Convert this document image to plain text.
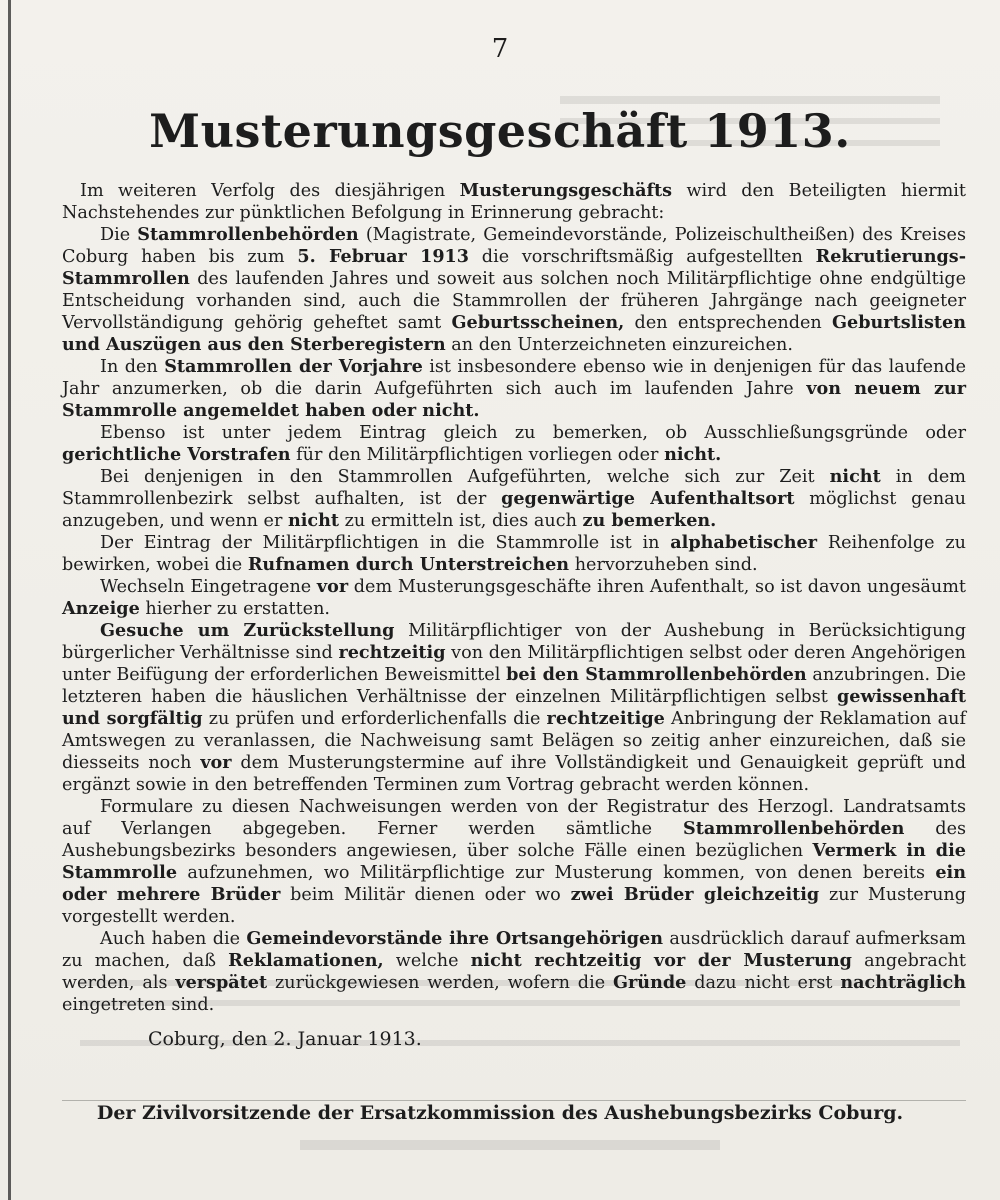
7
Musterungsgeschäft 1913.

Im weiteren Verfolg des diesjährigen Musterungsgeschäfts wird den Beteiligten hiermit Nachstehendes zur pünktlichen Befolgung in Erinnerung gebracht:

Die Stammrollenbehörden (Magistrate, Gemeindevorstände, Polizeischultheißen) des Kreises Coburg haben bis zum 5. Februar 1913 die vorschriftsmäßig aufgestellten Rekrutierungs-Stammrollen des laufenden Jahres und soweit aus solchen noch Militärpflichtige ohne endgültige Entscheidung vorhanden sind, auch die Stammrollen der früheren Jahrgänge nach geeigneter Vervollständigung gehörig geheftet samt Geburtsscheinen, den entsprechenden Geburtslisten und Auszügen aus den Sterberegistern an den Unterzeichneten einzureichen.

In den Stammrollen der Vorjahre ist insbesondere ebenso wie in denjenigen für das laufende Jahr anzumerken, ob die darin Aufgeführten sich auch im laufenden Jahre von neuem zur Stammrolle angemeldet haben oder nicht.

Ebenso ist unter jedem Eintrag gleich zu bemerken, ob Ausschließungsgründe oder gerichtliche Vorstrafen für den Militärpflichtigen vorliegen oder nicht.

Bei denjenigen in den Stammrollen Aufgeführten, welche sich zur Zeit nicht in dem Stammrollenbezirk selbst aufhalten, ist der gegenwärtige Aufenthaltsort möglichst genau anzugeben, und wenn er nicht zu ermitteln ist, dies auch zu bemerken.

Der Eintrag der Militärpflichtigen in die Stammrolle ist in alphabetischer Reihenfolge zu bewirken, wobei die Rufnamen durch Unterstreichen hervorzuheben sind.

Wechseln Eingetragene vor dem Musterungsgeschäfte ihren Aufenthalt, so ist davon ungesäumt Anzeige hierher zu erstatten.

Gesuche um Zurückstellung Militärpflichtiger von der Aushebung in Berücksichtigung bürgerlicher Verhältnisse sind rechtzeitig von den Militärpflichtigen selbst oder deren Angehörigen unter Beifügung der erforderlichen Beweismittel bei den Stammrollenbehörden anzubringen. Die letzteren haben die häuslichen Verhältnisse der einzelnen Militärpflichtigen selbst gewissenhaft und sorgfältig zu prüfen und erforderlichenfalls die rechtzeitige Anbringung der Reklamation auf Amtswegen zu veranlassen, die Nachweisung samt Belägen so zeitig anher einzureichen, daß sie diesseits noch vor dem Musterungstermine auf ihre Vollständigkeit und Genauigkeit geprüft und ergänzt sowie in den betreffenden Terminen zum Vortrag gebracht werden können.

Formulare zu diesen Nachweisungen werden von der Registratur des Herzogl. Landratsamts auf Verlangen abgegeben. Ferner werden sämtliche Stammrollenbehörden des Aushebungsbezirks besonders angewiesen, über solche Fälle einen bezüglichen Vermerk in die Stammrolle aufzunehmen, wo Militärpflichtige zur Musterung kommen, von denen bereits ein oder mehrere Brüder beim Militär dienen oder wo zwei Brüder gleichzeitig zur Musterung vorgestellt werden.

Auch haben die Gemeindevorstände ihre Ortsangehörigen ausdrücklich darauf aufmerksam zu machen, daß Reklamationen, welche nicht rechtzeitig vor der Musterung angebracht werden, als verspätet zurückgewiesen werden, wofern die Gründe dazu nicht erst nachträglich eingetreten sind.

Coburg, den 2. Januar 1913.
Der Zivilvorsitzende der Ersatzkommission des Aushebungsbezirks Coburg.
